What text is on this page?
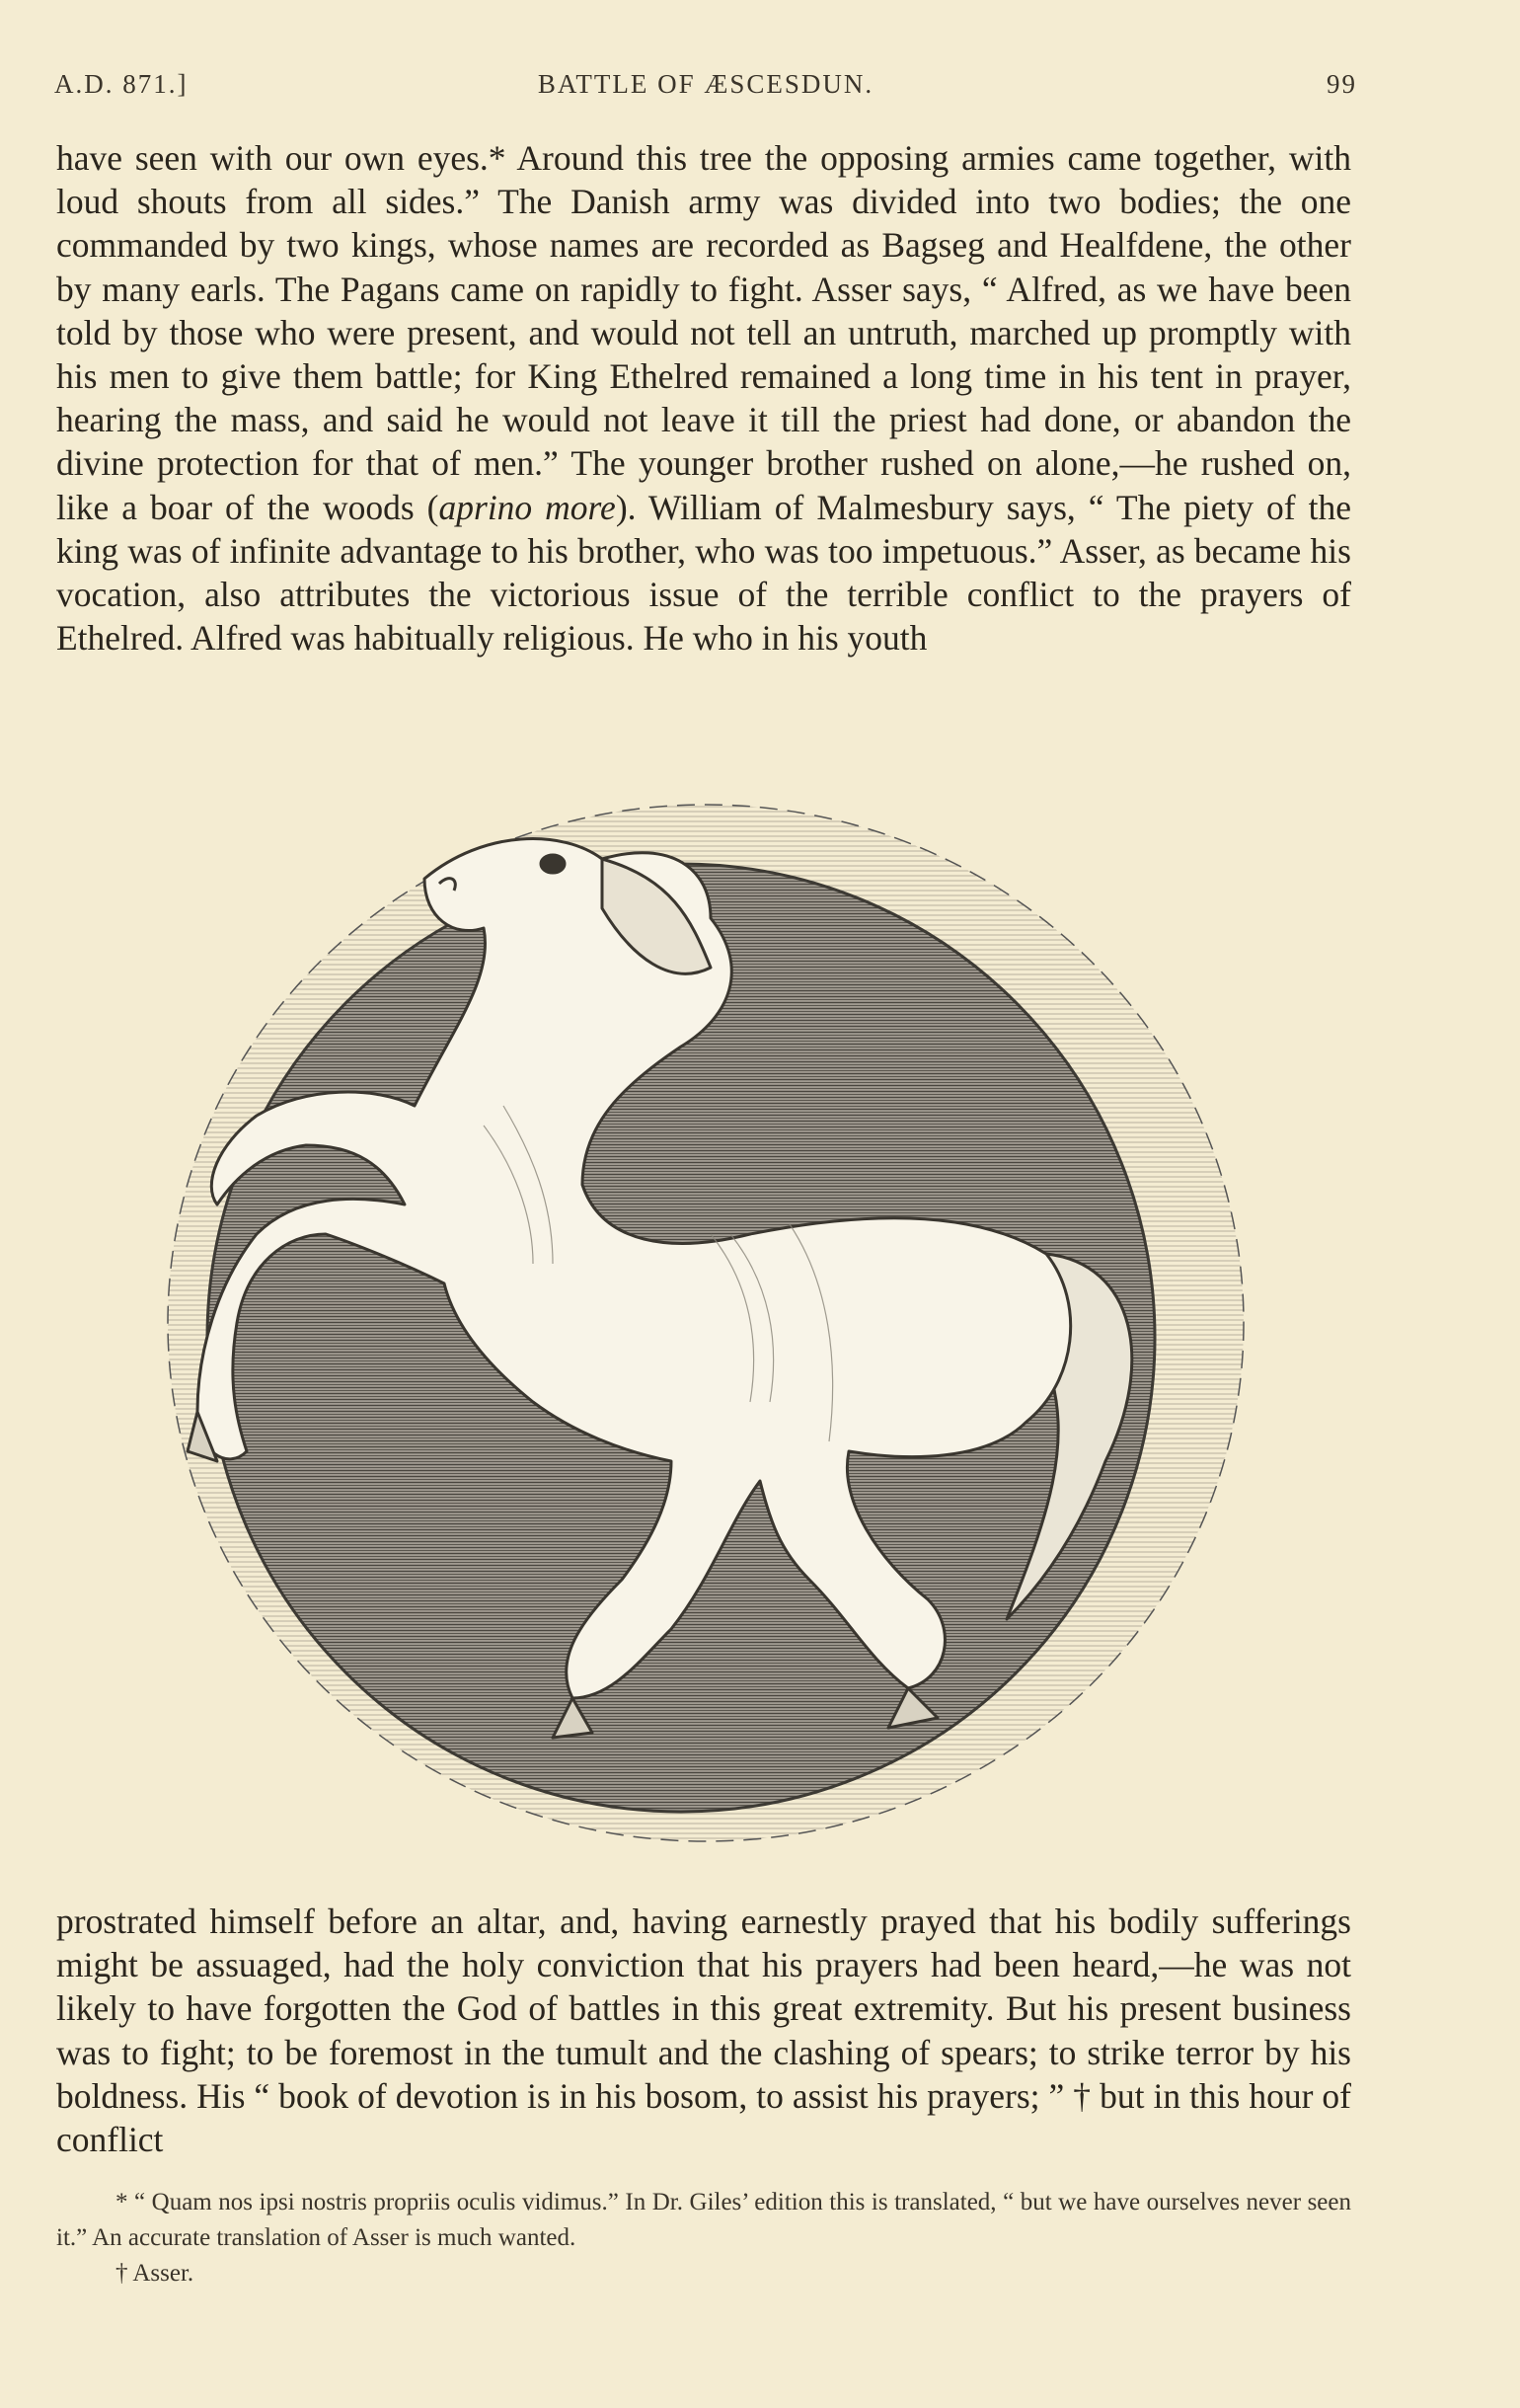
A.D. 871.]	BATTLE OF ÆSCESDUN.	99

have seen with our own eyes.* Around this tree the opposing armies came together, with loud shouts from all sides.” The Danish army was divided into two bodies; the one commanded by two kings, whose names are recorded as Bagseg and Healfdene, the other by many earls. The Pagans came on rapidly to fight. Asser says, “ Alfred, as we have been told by those who were present, and would not tell an untruth, marched up promptly with his men to give them battle; for King Ethelred remained a long time in his tent in prayer, hearing the mass, and said he would not leave it till the priest had done, or abandon the divine protection for that of men.” The younger brother rushed on alone,—he rushed on, like a boar of the woods (aprino more). William of Malmesbury says, “ The piety of the king was of infinite advantage to his brother, who was too impetuous.” Asser, as became his vocation, also attributes the victorious issue of the terrible conflict to the prayers of Ethelred. Alfred was habitually religious. He who in his youth

prostrated himself before an altar, and, having earnestly prayed that his bodily sufferings might be assuaged, had the holy conviction that his prayers had been heard,—he was not likely to have forgotten the God of battles in this great extremity. But his present business was to fight; to be foremost in the tumult and the clashing of spears; to strike terror by his boldness. His “ book of devotion is in his bosom, to assist his prayers; ” † but in this hour of conflict

* “ Quam nos ipsi nostris propriis oculis vidimus.” In Dr. Giles’ edition this is translated, “ but we have ourselves never seen it.” An accurate translation of Asser is much wanted.

† Asser.
